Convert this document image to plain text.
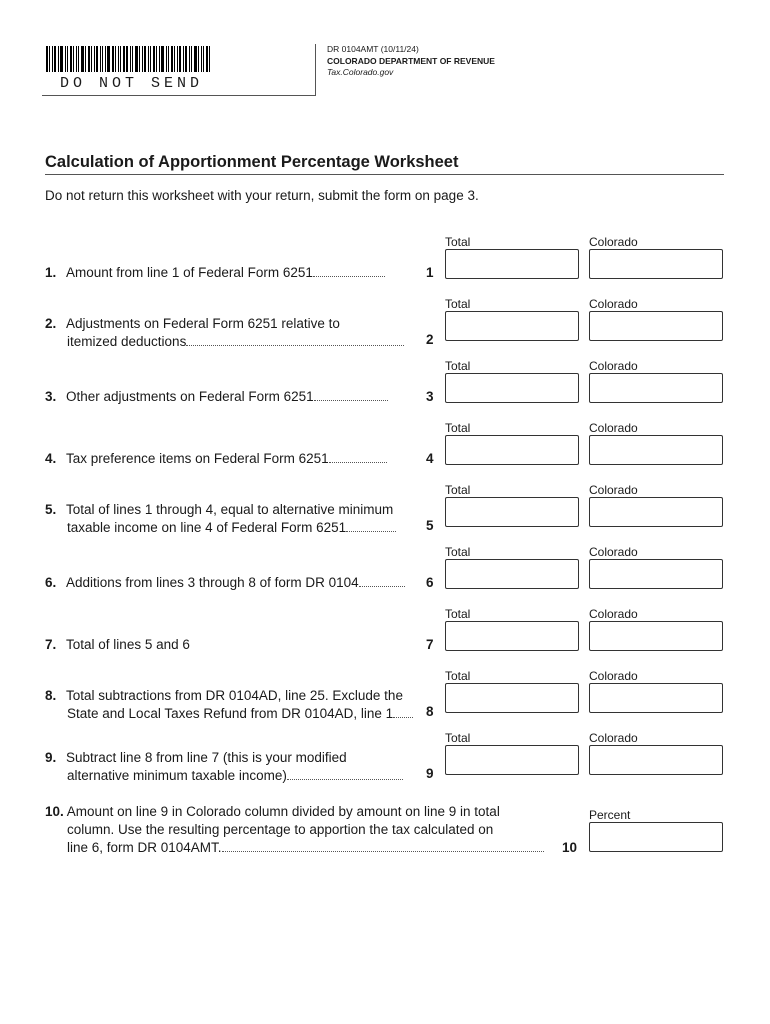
DO NOT SEND
DR 0104AMT (10/11/24)
COLORADO DEPARTMENT OF REVENUE
Tax.Colorado.gov
Calculation of Apportionment Percentage Worksheet
Do not return this worksheet with your return, submit the form on page 3.
1. Amount from line 1 of Federal Form 6251	1
Total	Colorado
2. Adjustments on Federal Form 6251 relative to
itemized deductions	2
Total	Colorado
3. Other adjustments on Federal Form 6251	3
Total	Colorado
4. Tax preference items on Federal Form 6251	4
Total	Colorado
5. Total of lines 1 through 4, equal to alternative minimum
taxable income on line 4 of Federal Form 6251	5
Total	Colorado
6. Additions from lines 3 through 8 of form DR 0104	6
Total	Colorado
7. Total of lines 5 and 6	7
Total	Colorado
8. Total subtractions from DR 0104AD, line 25. Exclude the
State and Local Taxes Refund from DR 0104AD, line 1	8
Total	Colorado
9. Subtract line 8 from line 7 (this is your modified
alternative minimum taxable income)	9
Total	Colorado
10. Amount on line 9 in Colorado column divided by amount on line 9 in total
column. Use the resulting percentage to apportion the tax calculated on
line 6, form DR 0104AMT.	10
Percent
